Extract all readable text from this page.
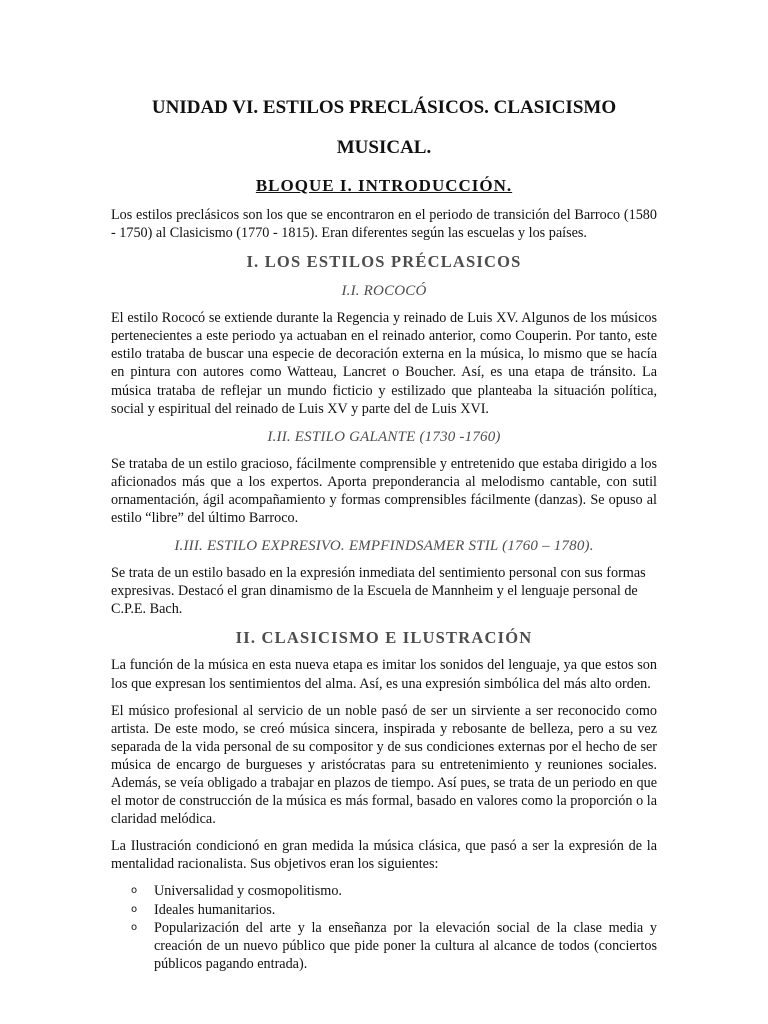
UNIDAD VI. ESTILOS PRECLÁSICOS. CLASICISMO
MUSICAL.
BLOQUE I. INTRODUCCIÓN.

Los estilos preclásicos son los que se encontraron en el periodo de transición del Barroco (1580 - 1750) al Clasicismo (1770 - 1815). Eran diferentes según las escuelas y los países.

I. LOS ESTILOS PRÉCLASICOS
I.I. ROCOCÓ

El estilo Rococó se extiende durante la Regencia y reinado de Luis XV. Algunos de los músicos pertenecientes a este periodo ya actuaban en el reinado anterior, como Couperin. Por tanto, este estilo trataba de buscar una especie de decoración externa en la música, lo mismo que se hacía en pintura con autores como Watteau, Lancret o Boucher. Así, es una etapa de tránsito. La música trataba de reflejar un mundo ficticio y estilizado que planteaba la situación política, social y espiritual del reinado de Luis XV y parte del de Luis XVI.

I.II. ESTILO GALANTE (1730 -1760)

Se trataba de un estilo gracioso, fácilmente comprensible y entretenido que estaba dirigido a los aficionados más que a los expertos. Aporta preponderancia al melodismo cantable, con sutil ornamentación, ágil acompañamiento y formas comprensibles fácilmente (danzas). Se opuso al estilo “libre” del último Barroco.

I.III. ESTILO EXPRESIVO. EMPFINDSAMER STIL (1760 – 1780).

Se trata de un estilo basado en la expresión inmediata del sentimiento personal con sus formas expresivas. Destacó el gran dinamismo de la Escuela de Mannheim y el lenguaje personal de C.P.E. Bach.

II. CLASICISMO E ILUSTRACIÓN

La función de la música en esta nueva etapa es imitar los sonidos del lenguaje, ya que estos son los que expresan los sentimientos del alma. Así, es una expresión simbólica del más alto orden.

El músico profesional al servicio de un noble pasó de ser un sirviente a ser reconocido como artista. De este modo, se creó música sincera, inspirada y rebosante de belleza, pero a su vez separada de la vida personal de su compositor y de sus condiciones externas por el hecho de ser música de encargo de burgueses y aristócratas para su entretenimiento y reuniones sociales. Además, se veía obligado a trabajar en plazos de tiempo. Así pues, se trata de un periodo en que el motor de construcción de la música es más formal, basado en valores como la proporción o la claridad melódica.

La Ilustración condicionó en gran medida la música clásica, que pasó a ser la expresión de la mentalidad racionalista. Sus objetivos eran los siguientes:

o Universalidad y cosmopolitismo.
o Ideales humanitarios.
o Popularización del arte y la enseñanza por la elevación social de la clase media y creación de un nuevo público que pide poner la cultura al alcance de todos (conciertos públicos pagando entrada).
